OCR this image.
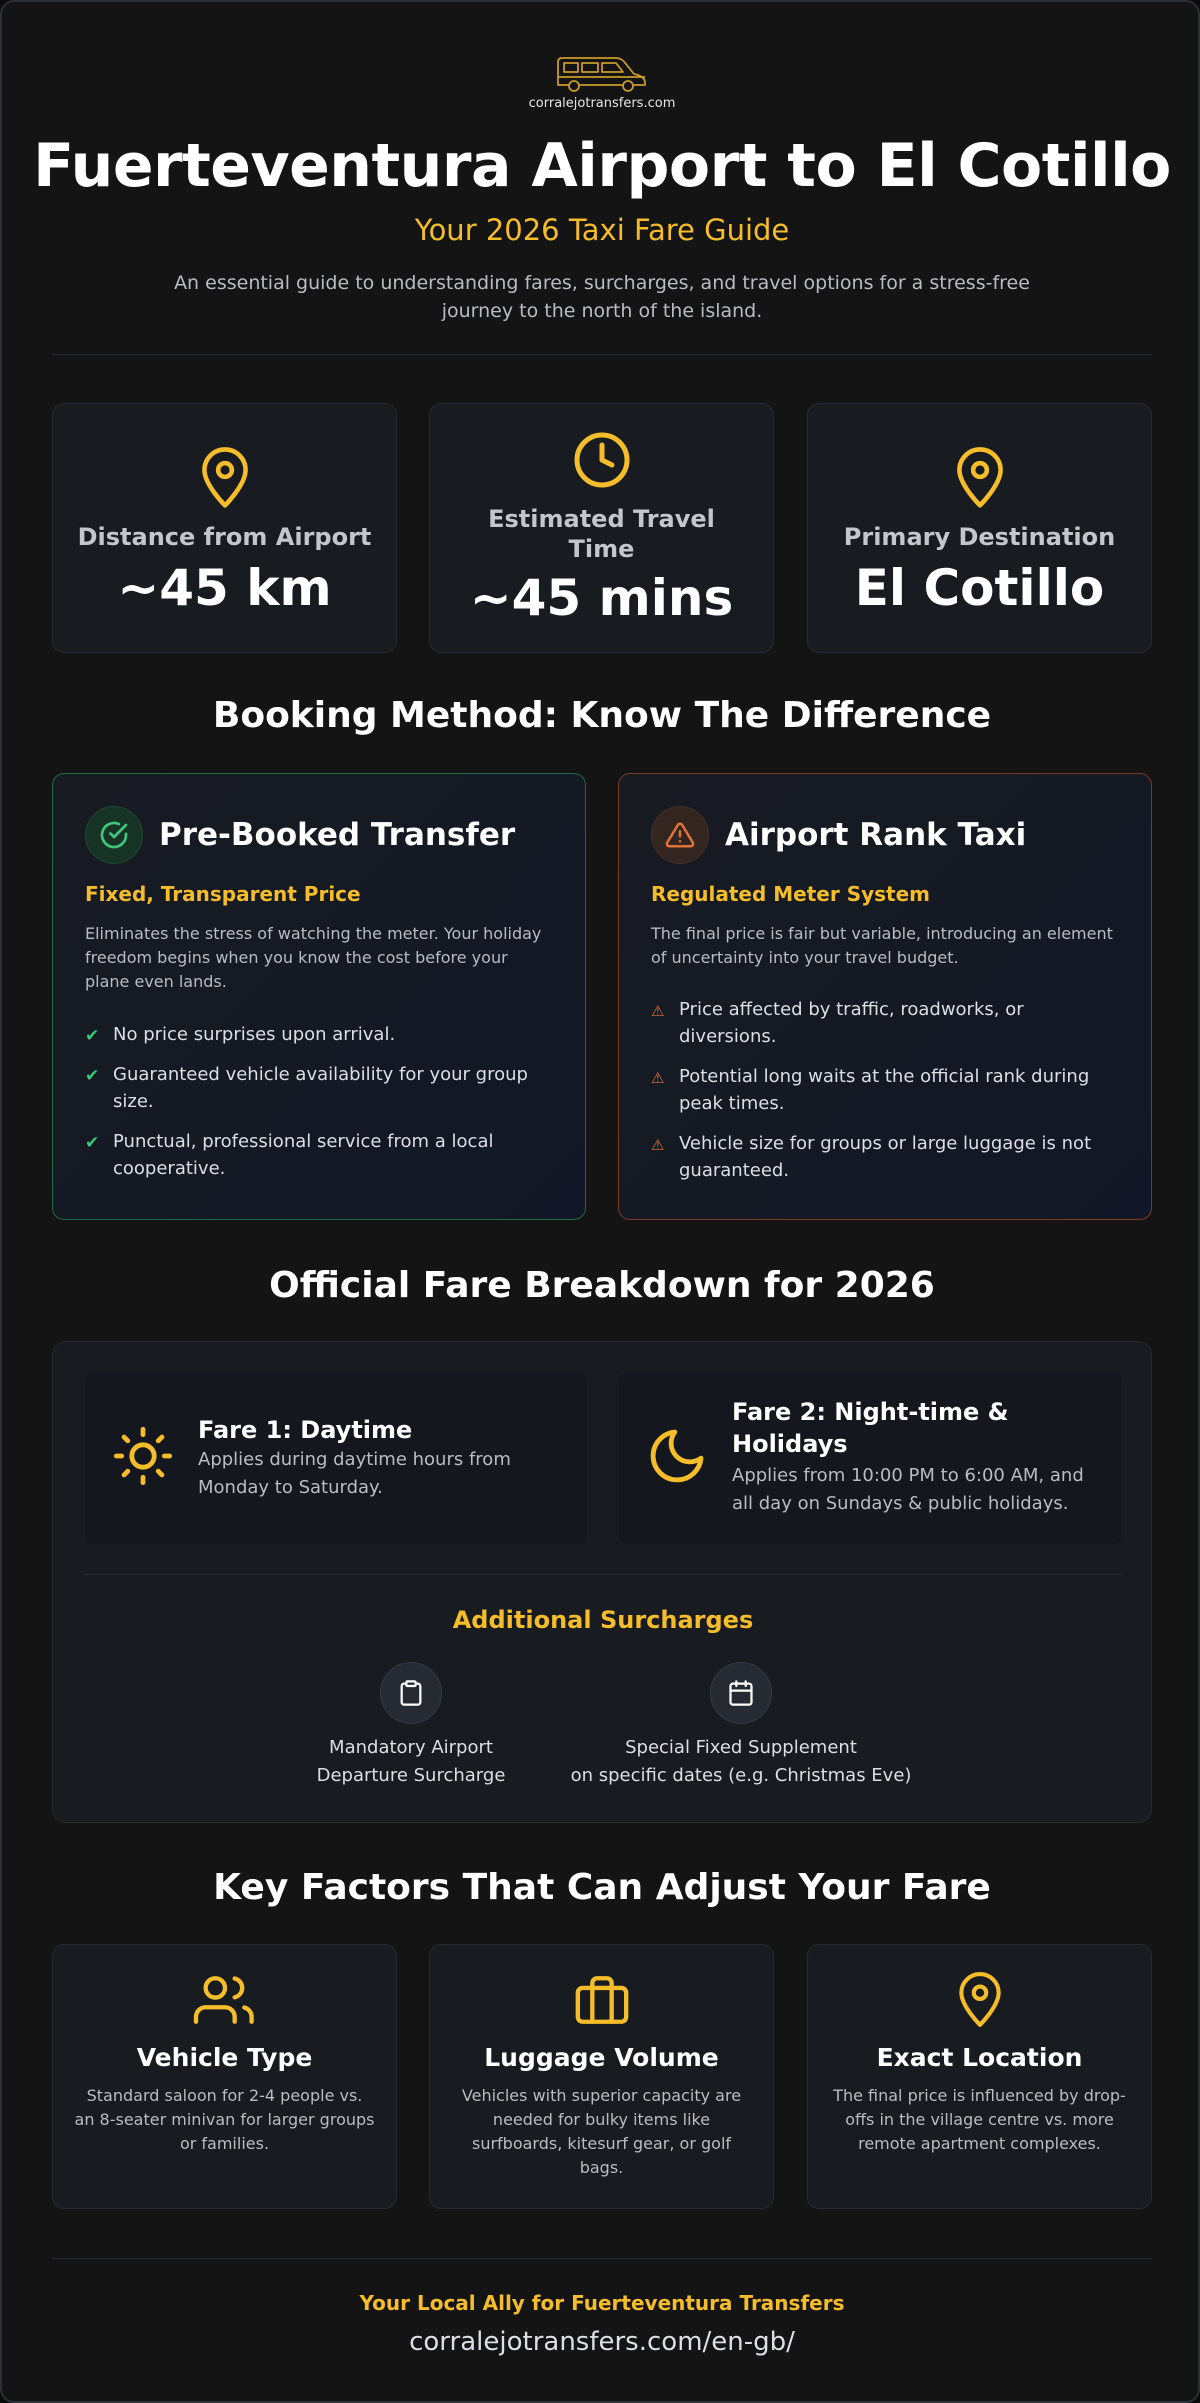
corralejotransfers.com
Fuerteventura Airport to El Cotillo
Your 2026 Taxi Fare Guide
An essential guide to understanding fares, surcharges, and travel options for a stress-free journey to the north of the island.
Distance from Airport
~45 km
Estimated Travel Time
~45 mins
Primary Destination
El Cotillo
Booking Method: Know The Difference
Pre-Booked Transfer
Fixed, Transparent Price
Eliminates the stress of watching the meter. Your holiday freedom begins when you know the cost before your plane even lands.
✔ No price surprises upon arrival.
✔ Guaranteed vehicle availability for your group size.
✔ Punctual, professional service from a local cooperative.
Airport Rank Taxi
Regulated Meter System
The final price is fair but variable, introducing an element of uncertainty into your travel budget.
⚠ Price affected by traffic, roadworks, or diversions.
⚠ Potential long waits at the official rank during peak times.
⚠ Vehicle size for groups or large luggage is not guaranteed.
Official Fare Breakdown for 2026
Fare 1: Daytime
Applies during daytime hours from Monday to Saturday.
Fare 2: Night-time & Holidays
Applies from 10:00 PM to 6:00 AM, and all day on Sundays & public holidays.
Additional Surcharges
Mandatory Airport
Departure Surcharge
Special Fixed Supplement
on specific dates (e.g. Christmas Eve)
Key Factors That Can Adjust Your Fare
Vehicle Type
Standard saloon for 2-4 people vs. an 8-seater minivan for larger groups or families.
Luggage Volume
Vehicles with superior capacity are needed for bulky items like surfboards, kitesurf gear, or golf bags.
Exact Location
The final price is influenced by drop-offs in the village centre vs. more remote apartment complexes.
Your Local Ally for Fuerteventura Transfers
corralejotransfers.com/en-gb/
